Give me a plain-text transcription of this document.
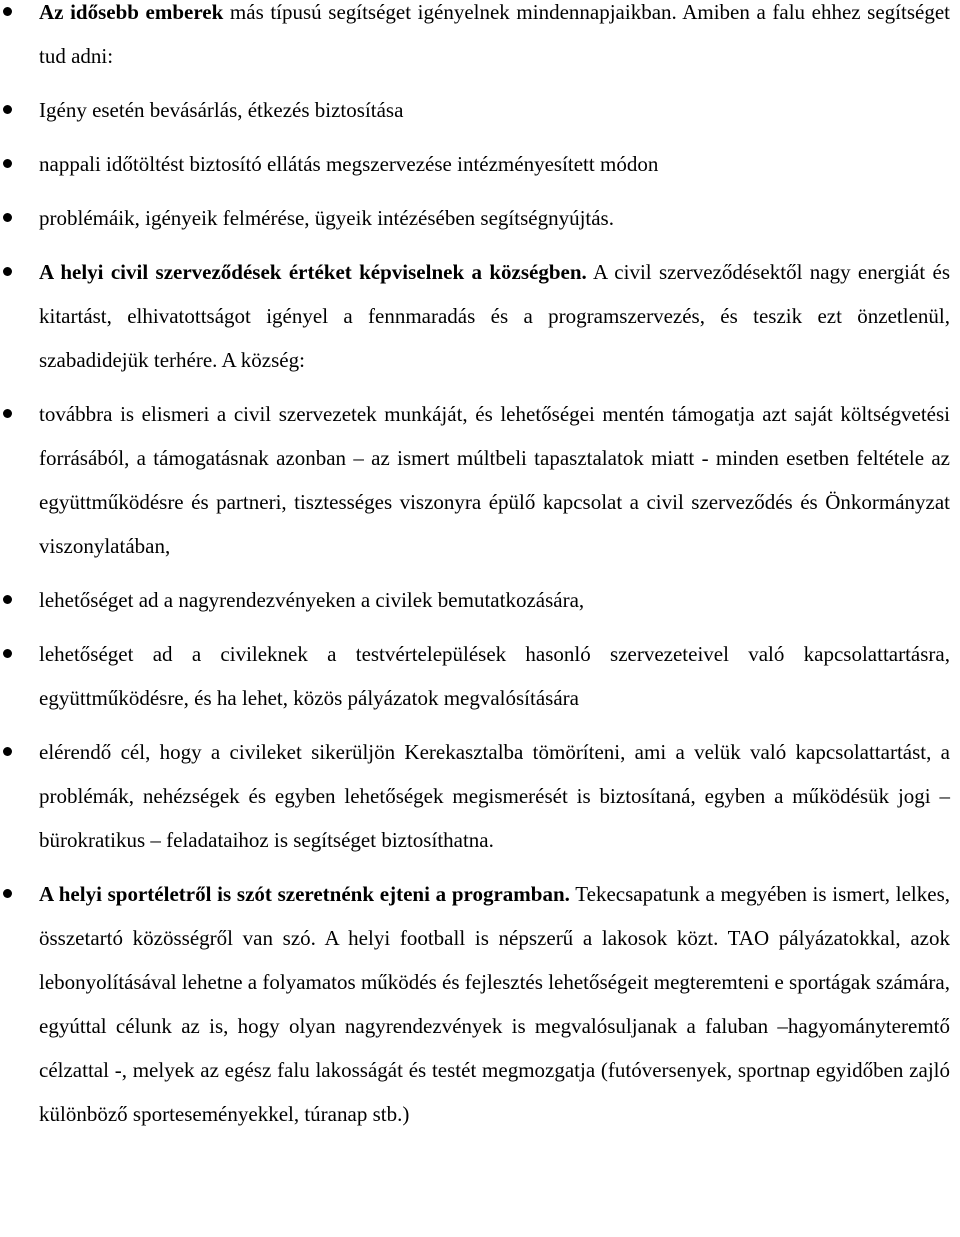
Az idősebb emberek más típusú segítséget igényelnek mindennapjaikban. Amiben a falu ehhez segítséget tud adni:
Igény esetén bevásárlás, étkezés biztosítása
nappali időtöltést biztosító ellátás megszervezése intézményesített módon
problémáik, igényeik felmérése, ügyeik intézésében segítségnyújtás.
A helyi civil szerveződések értéket képviselnek a községben. A civil szerveződésektől nagy energiát és kitartást, elhivatottságot igényel a fennmaradás és a programszervezés, és teszik ezt önzetlenül, szabadidejük terhére. A község:
továbbra is elismeri a civil szervezetek munkáját, és lehetőségei mentén támogatja azt saját költségvetési forrásából, a támogatásnak azonban – az ismert múltbeli tapasztalatok miatt - minden esetben feltétele az együttműködésre és partneri, tisztességes viszonyra épülő kapcsolat a civil szerveződés és Önkormányzat viszonylatában,
lehetőséget ad a nagyrendezvényeken a civilek bemutatkozására,
lehetőséget ad a civileknek a testvértelepülések hasonló szervezeteivel való kapcsolattartásra, együttműködésre, és ha lehet, közös pályázatok megvalósítására
elérendő cél, hogy a civileket sikerüljön Kerekasztalba tömöríteni, ami a velük való kapcsolattartást, a problémák, nehézségek és egyben lehetőségek megismerését is biztosítaná, egyben a működésük jogi –bürokratikus – feladataihoz is segítséget biztosíthatna.
A helyi sportéletről is szót szeretnénk ejteni a programban. Tekecsapatunk a megyében is ismert, lelkes, összetartó közösségről van szó. A helyi football is népszerű a lakosok közt. TAO pályázatokkal, azok lebonyolításával lehetne a folyamatos működés és fejlesztés lehetőségeit megteremteni e sportágak számára, egyúttal célunk az is, hogy olyan nagyrendezvények is megvalósuljanak a faluban –hagyományteremtő célzattal -, melyek az egész falu lakosságát és testét megmozgatja (futóversenyek, sportnap egyidőben zajló különböző sporteseményekkel, túranap stb.)
